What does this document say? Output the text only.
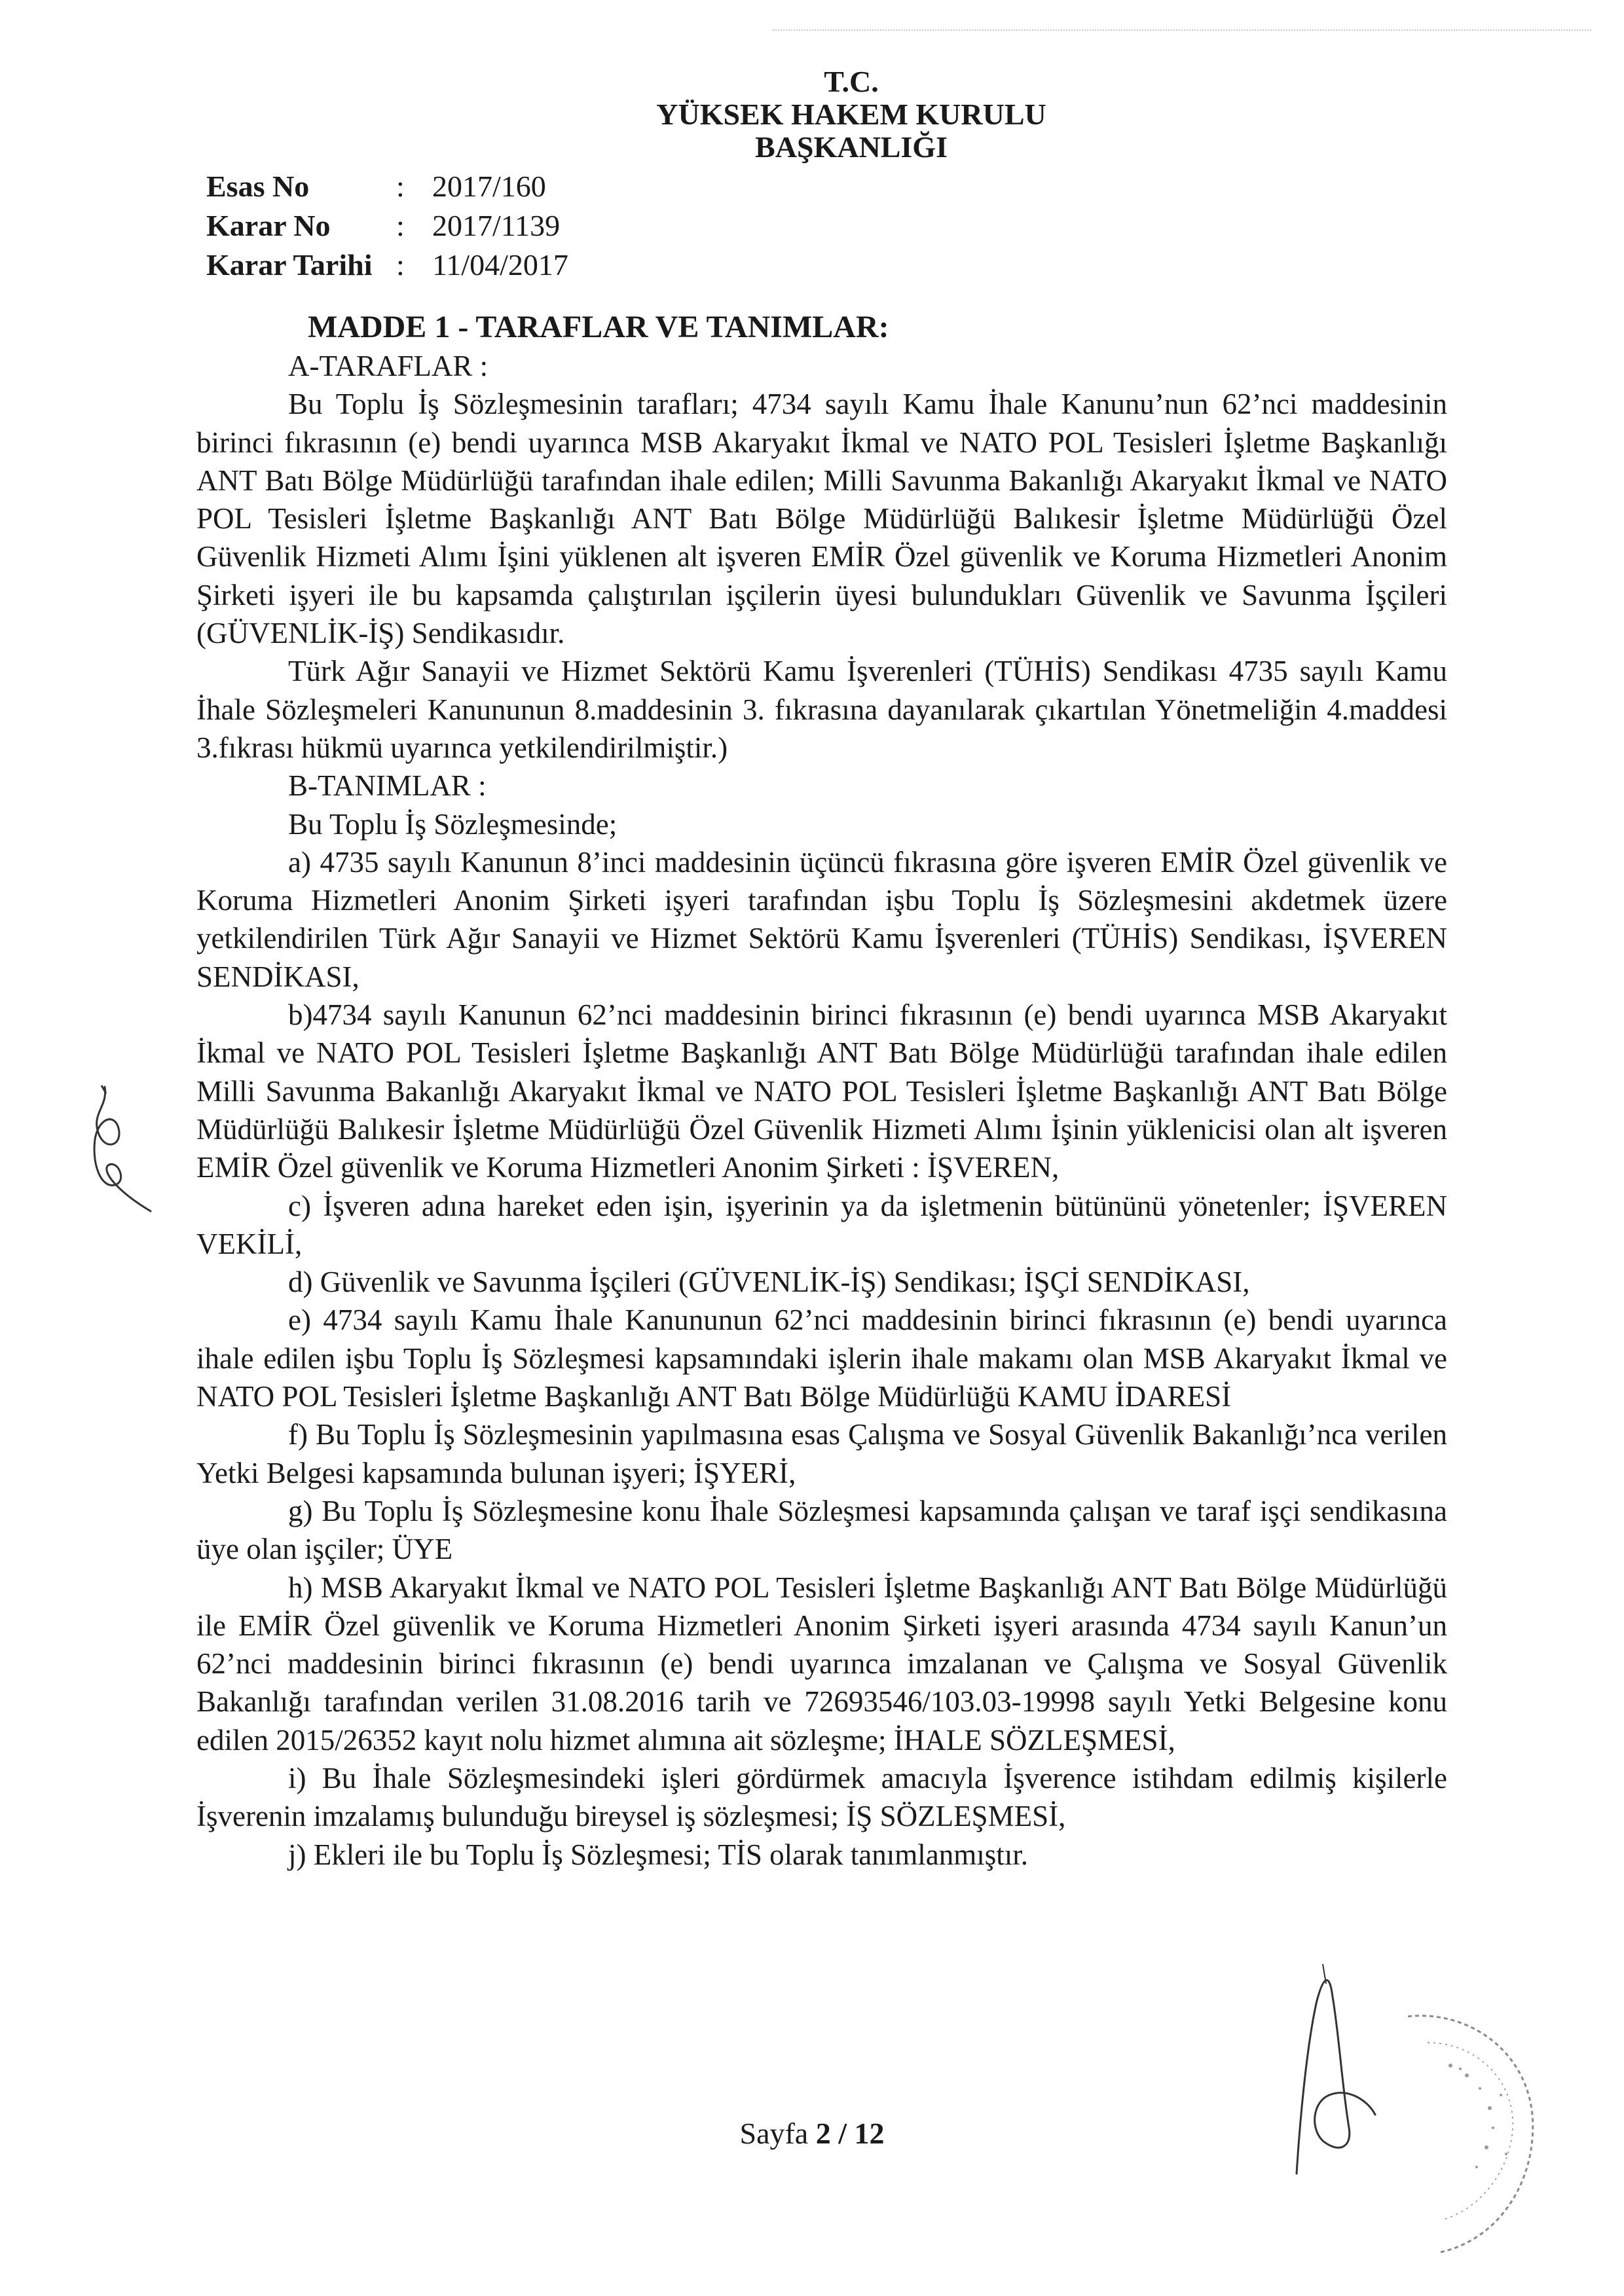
T.C.
YÜKSEK HAKEM KURULU
BAŞKANLIĞI
Esas No	: 2017/160
Karar No	: 2017/1139
Karar Tarihi : 11/04/2017

MADDE 1 - TARAFLAR VE TANIMLAR:

A-TARAFLAR :

Bu Toplu İş Sözleşmesinin tarafları; 4734 sayılı Kamu İhale Kanunu’nun 62’nci maddesinin birinci fıkrasının (e) bendi uyarınca MSB Akaryakıt İkmal ve NATO POL Tesisleri İşletme Başkanlığı ANT Batı Bölge Müdürlüğü tarafından ihale edilen; Milli Savunma Bakanlığı Akaryakıt İkmal ve NATO POL Tesisleri İşletme Başkanlığı ANT Batı Bölge Müdürlüğü Balıkesir İşletme Müdürlüğü Özel Güvenlik Hizmeti Alımı İşini yüklenen alt işveren EMİR Özel güvenlik ve Koruma Hizmetleri Anonim Şirketi işyeri ile bu kapsamda çalıştırılan işçilerin üyesi bulundukları Güvenlik ve Savunma İşçileri (GÜVENLİK-İŞ) Sendikasıdır.

Türk Ağır Sanayii ve Hizmet Sektörü Kamu İşverenleri (TÜHİS) Sendikası 4735 sayılı Kamu İhale Sözleşmeleri Kanununun 8.maddesinin 3. fıkrasına dayanılarak çıkartılan Yönetmeliğin 4.maddesi 3.fıkrası hükmü uyarınca yetkilendirilmiştir.)

B-TANIMLAR :

Bu Toplu İş Sözleşmesinde;

a) 4735 sayılı Kanunun 8’inci maddesinin üçüncü fıkrasına göre işveren EMİR Özel güvenlik ve Koruma Hizmetleri Anonim Şirketi işyeri tarafından işbu Toplu İş Sözleşmesini akdetmek üzere yetkilendirilen Türk Ağır Sanayii ve Hizmet Sektörü Kamu İşverenleri (TÜHİS) Sendikası, İŞVEREN SENDİKASI,

b)4734 sayılı Kanunun 62’nci maddesinin birinci fıkrasının (e) bendi uyarınca MSB Akaryakıt İkmal ve NATO POL Tesisleri İşletme Başkanlığı ANT Batı Bölge Müdürlüğü tarafından ihale edilen Milli Savunma Bakanlığı Akaryakıt İkmal ve NATO POL Tesisleri İşletme Başkanlığı ANT Batı Bölge Müdürlüğü Balıkesir İşletme Müdürlüğü Özel Güvenlik Hizmeti Alımı İşinin yüklenicisi olan alt işveren EMİR Özel güvenlik ve Koruma Hizmetleri Anonim Şirketi : İŞVEREN,

c) İşveren adına hareket eden işin, işyerinin ya da işletmenin bütününü yönetenler; İŞVEREN VEKİLİ,

d) Güvenlik ve Savunma İşçileri (GÜVENLİK-İŞ) Sendikası; İŞÇİ SENDİKASI,

e) 4734 sayılı Kamu İhale Kanununun 62’nci maddesinin birinci fıkrasının (e) bendi uyarınca ihale edilen işbu Toplu İş Sözleşmesi kapsamındaki işlerin ihale makamı olan MSB Akaryakıt İkmal ve NATO POL Tesisleri İşletme Başkanlığı ANT Batı Bölge Müdürlüğü KAMU İDARESİ

f) Bu Toplu İş Sözleşmesinin yapılmasına esas Çalışma ve Sosyal Güvenlik Bakanlığı’nca verilen Yetki Belgesi kapsamında bulunan işyeri; İŞYERİ,

g) Bu Toplu İş Sözleşmesine konu İhale Sözleşmesi kapsamında çalışan ve taraf işçi sendikasına üye olan işçiler; ÜYE

h) MSB Akaryakıt İkmal ve NATO POL Tesisleri İşletme Başkanlığı ANT Batı Bölge Müdürlüğü ile EMİR Özel güvenlik ve Koruma Hizmetleri Anonim Şirketi işyeri arasında 4734 sayılı Kanun’un 62’nci maddesinin birinci fıkrasının (e) bendi uyarınca imzalanan ve Çalışma ve Sosyal Güvenlik Bakanlığı tarafından verilen 31.08.2016 tarih ve 72693546/103.03-19998 sayılı Yetki Belgesine konu edilen 2015/26352 kayıt nolu hizmet alımına ait sözleşme; İHALE SÖZLEŞMESİ,

i) Bu İhale Sözleşmesindeki işleri gördürmek amacıyla İşverence istihdam edilmiş kişilerle İşverenin imzalamış bulunduğu bireysel iş sözleşmesi; İŞ SÖZLEŞMESİ,

j) Ekleri ile bu Toplu İş Sözleşmesi; TİS olarak tanımlanmıştır.

Sayfa 2 / 12
